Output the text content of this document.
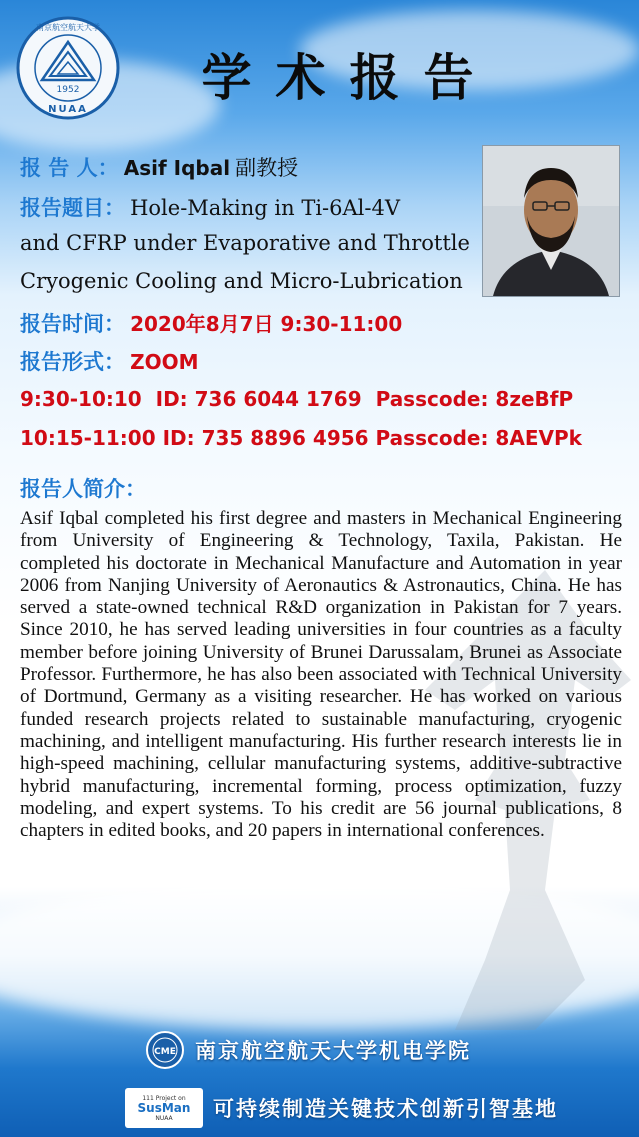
1952
NUAA
南京航空航天大学
学术报告
报 告 人： Asif Iqbal 副教授
报告题目： Hole-Making in Ti-6Al-4V
and CFRP under Evaporative and Throttle
Cryogenic Cooling and Micro-Lubrication
报告时间： 2020年8月7日 9:30-11:00
报告形式： ZOOM
9:30-10:10  ID: 736 6044 1769  Passcode: 8zeBfP
10:15-11:00 ID: 735 8896 4956 Passcode: 8AEVPk
报告人简介：
Asif Iqbal completed his first degree and masters in Mechanical Engineering from University of Engineering & Technology, Taxila, Pakistan. He completed his doctorate in Mechanical Manufacture and Automation in year 2006 from Nanjing University of Aeronautics & Astronautics, China. He has served a state-owned technical R&D organization in Pakistan for 7 years. Since 2010, he has served leading universities in four countries as a faculty member before joining University of Brunei Darussalam, Brunei as Associate Professor. Furthermore, he has also been associated with Technical University of Dortmund, Germany as a visiting researcher. He has worked on various funded research projects related to sustainable manufacturing, cryogenic machining, and intelligent manufacturing. His further research interests lie in high-speed machining, cellular manufacturing systems, additive-subtractive hybrid manufacturing, incremental forming, process optimization, fuzzy modeling, and expert systems. To his credit are 56 journal publications, 8 chapters in edited books, and 20 papers in international conferences.
CME 南京航空航天大学机电学院
111 Project on
SusMan
NUAA 可持续制造关键技术创新引智基地
